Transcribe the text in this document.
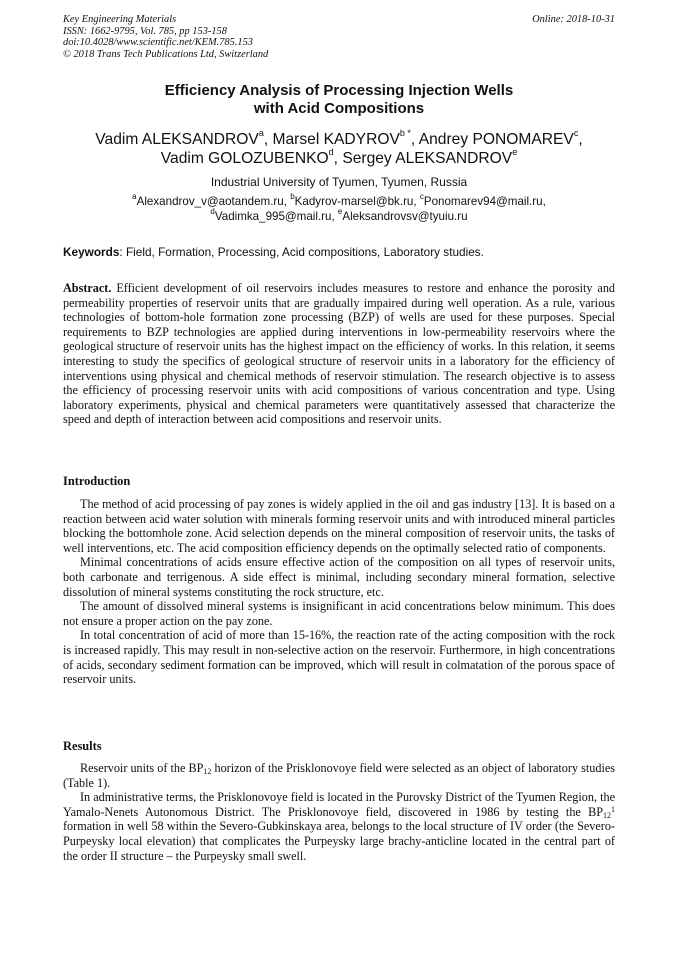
Key Engineering Materials
ISSN: 1662-9795, Vol. 785, pp 153-158
doi:10.4028/www.scientific.net/KEM.785.153
© 2018 Trans Tech Publications Ltd, Switzerland
Online: 2018-10-31
Efficiency Analysis of Processing Injection Wells
with Acid Compositions
Vadim ALEKSANDROV$^a$, Marsel $KADYROV^{b *}$, Andrey PONOMAREV$^c$,
Vadim GOLOZUBENKO$^d$, Sergey ALEKSANDROV$^e$
Industrial University of Tyumen, Tyumen, Russia
$^a$Alexandrov_v@aotandem.ru, $^b$Kadyrov-marsel@bk.ru, $^c$Ponomarev94@mail.ru,
$^d$Vadimka_995@mail.ru, $^e$Aleksandrovsv@tyuiu.ru
Keywords: Field, Formation, Processing, Acid compositions, Laboratory studies.

Abstract. Efficient development of oil reservoirs includes measures to restore and enhance the porosity and permeability properties of reservoir units that are gradually impaired during well operation. As a rule, various technologies of bottom-hole formation zone processing (BZP) of wells are used for these purposes. Special requirements to BZP technologies are applied during interventions in low-permeability reservoirs where the geological structure of reservoir units has the highest impact on the efficiency of works. In this relation, it seems interesting to study the specifics of geological structure of reservoir units in a laboratory for the efficiency of interventions using physical and chemical methods of reservoir stimulation. The research objective is to assess the efficiency of processing reservoir units with acid compositions of various concentration and type. Using laboratory experiments, physical and chemical parameters were quantitatively assessed that characterize the speed and depth of interaction between acid compositions and reservoir units.

Introduction

The method of acid processing of pay zones is widely applied in the oil and gas industry [13]. It is based on a reaction between acid water solution with minerals forming reservoir units and with introduced mineral particles blocking the bottomhole zone. Acid selection depends on the mineral composition of reservoir units, the tasks of well interventions, etc. The acid composition efficiency depends on the optimally selected ratio of components.

Minimal concentrations of acids ensure effective action of the composition on all types of reservoir units, both carbonate and terrigenous. A side effect is minimal, including secondary mineral formation, selective dissolution of mineral systems constituting the rock structure, etc.

The amount of dissolved mineral systems is insignificant in acid concentrations below minimum. This does not ensure a proper action on the pay zone.

In total concentration of acid of more than 15-16%, the reaction rate of the acting composition with the rock is increased rapidly. This may result in non-selective action on the reservoir. Furthermore, in high concentrations of acids, secondary sediment formation can be improved, which will result in colmatation of the porous space of reservoir units.

Results

Reservoir units of the $BP_{12}$ horizon of the Prisklonovoye field were selected as an object of laboratory studies (Table 1).

In administrative terms, the Prisklonovoye field is located in the Purovsky District of the Tyumen Region, the Yamalo-Nenets Autonomous District. The Prisklonovoye field, discovered in 1986 by testing the $BP_{12}^1$ formation in well 58 within the Severo-Gubkinskaya area, belongs to the local structure of IV order (the Severo-Purpeysky local elevation) that complicates the Purpeysky large brachy-anticline located in the central part of the order II structure – the Purpeysky small swell.
